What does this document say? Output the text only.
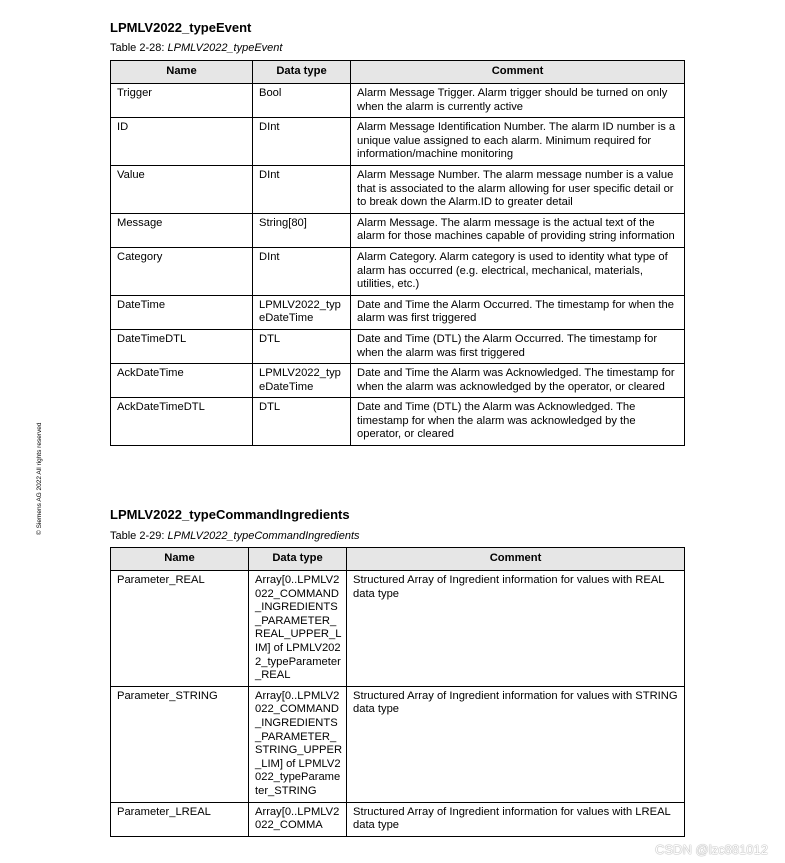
© Siemens AG 2022 All rights reserved
LPMLV2022_typeEvent

Table 2-28: LPMLV2022_typeEvent

Name	Data type	Comment
Trigger	Bool	Alarm Message Trigger. Alarm trigger should be turned on only when the alarm is currently active
ID	DInt	Alarm Message Identification Number. The alarm ID number is a unique value assigned to each alarm. Minimum required for information/machine monitoring
Value	DInt	Alarm Message Number. The alarm message number is a value that is associated to the alarm allowing for user specific detail or to break down the Alarm.ID to greater detail
Message	String[80]	Alarm Message. The alarm message is the actual text of the alarm for those machines capable of providing string information
Category	DInt	Alarm Category. Alarm category is used to identity what type of alarm has occurred (e.g. electrical, mechanical, materials, utilities, etc.)
DateTime	LPMLV2022_typeDateTime	Date and Time the Alarm Occurred. The timestamp for when the alarm was first triggered
DateTimeDTL	DTL	Date and Time (DTL) the Alarm Occurred. The timestamp for when the alarm was first triggered
AckDateTime	LPMLV2022_typeDateTime	Date and Time the Alarm was Acknowledged. The timestamp for when the alarm was acknowledged by the operator, or cleared
AckDateTimeDTL	DTL	Date and Time (DTL) the Alarm was Acknowledged. The timestamp for when the alarm was acknowledged by the operator, or cleared
LPMLV2022_typeCommandIngredients

Table 2-29: LPMLV2022_typeCommandIngredients

Name	Data type	Comment
Parameter_REAL	Array[0..LPMLV2022_COMMAND_INGREDIENTS_PARAMETER_REAL_UPPER_LIM] of LPMLV2022_typeParameter_REAL	Structured Array of Ingredient information for values with REAL data type
Parameter_STRING	Array[0..LPMLV2022_COMMAND_INGREDIENTS_PARAMETER_STRING_UPPER_LIM] of LPMLV2022_typeParameter_STRING	Structured Array of Ingredient information for values with STRING data type
Parameter_LREAL	Array[0..LPMLV2022_COMMA	Structured Array of Ingredient information for values with LREAL data type
CSDN @lzc881012
